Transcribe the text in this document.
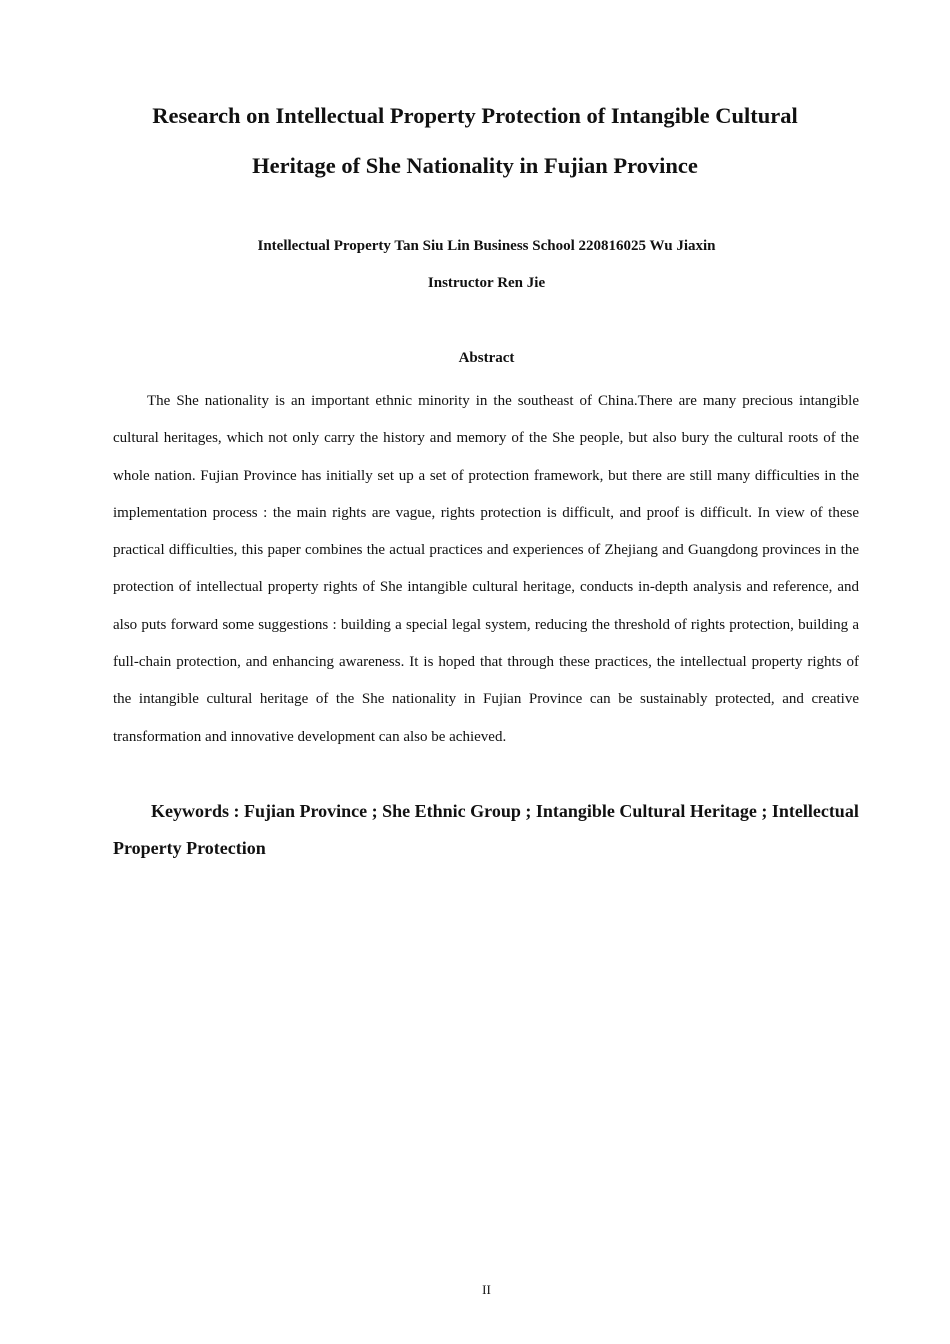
Research on Intellectual Property Protection of Intangible Cultural
Heritage of She Nationality in Fujian Province

Intellectual Property Tan Siu Lin Business School 220816025 Wu Jiaxin

Instructor Ren Jie

Abstract

The She nationality is an important ethnic minority in the southeast of China.There are many precious intangible cultural heritages, which not only carry the history and memory of the She people, but also bury the cultural roots of the whole nation. Fujian Province has initially set up a set of protection framework, but there are still many difficulties in the implementation process : the main rights are vague, rights protection is difficult, and proof is difficult. In view of these practical difficulties, this paper combines the actual practices and experiences of Zhejiang and Guangdong provinces in the protection of intellectual property rights of She intangible cultural heritage, conducts in-depth analysis and reference, and also puts forward some suggestions : building a special legal system, reducing the threshold of rights protection, building a full-chain protection, and enhancing awareness. It is hoped that through these practices, the intellectual property rights of the intangible cultural heritage of the She nationality in Fujian Province can be sustainably protected, and creative transformation and innovative development can also be achieved.

Keywords : Fujian Province ; She Ethnic Group ; Intangible Cultural Heritage ; Intellectual Property Protection

II
